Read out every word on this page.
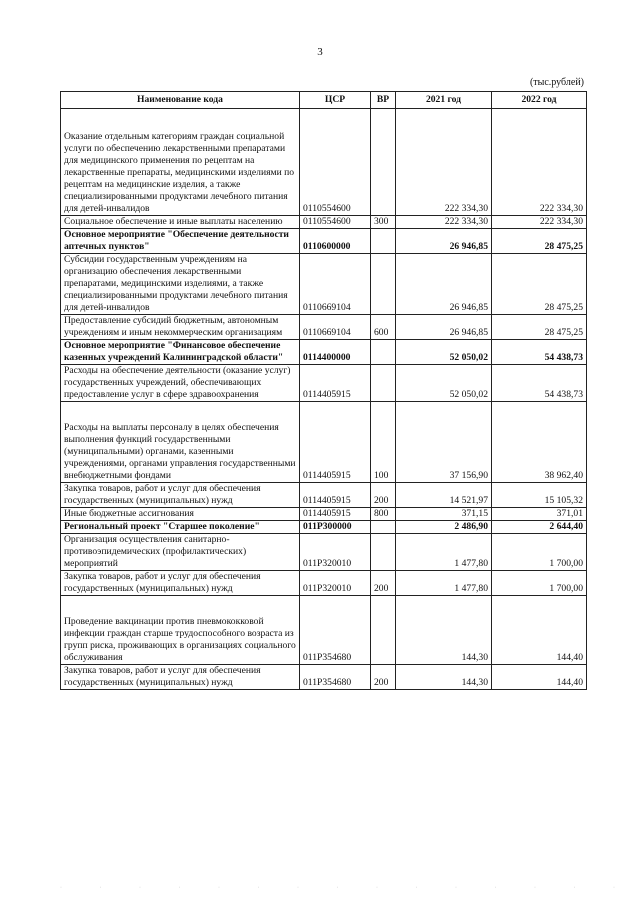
3
(тыс.рублей)
Наименование кода	ЦСР	ВР	2021 год	2022 год
Оказание отдельным категориям граждан социальной услуги по обеспечению лекарственными препаратами для медицинского применения по рецептам на лекарственные препараты, медицинскими изделиями по рецептам на медицинские изделия, а также специализированными продуктами лечебного питания для детей-инвалидов	0110554600		222 334,30	222 334,30
Социальное обеспечение и иные выплаты населению	0110554600	300	222 334,30	222 334,30
Основное мероприятие "Обеспечение деятельности аптечных пунктов"	0110600000		26 946,85	28 475,25
Субсидии государственным учреждениям на организацию обеспечения лекарственными препаратами, медицинскими изделиями, а также специализированными продуктами лечебного питания для детей-инвалидов	0110669104		26 946,85	28 475,25
Предоставление субсидий бюджетным, автономным учреждениям и иным некоммерческим организациям	0110669104	600	26 946,85	28 475,25
Основное мероприятие "Финансовое обеспечение казенных учреждений Калининградской области"	0114400000		52 050,02	54 438,73
Расходы на обеспечение деятельности (оказание услуг) государственных учреждений, обеспечивающих предоставление услуг в сфере здравоохранения	0114405915		52 050,02	54 438,73
Расходы на выплаты персоналу в целях обеспечения выполнения функций государственными (муниципальными) органами, казенными учреждениями, органами управления государственными внебюджетными фондами	0114405915	100	37 156,90	38 962,40
Закупка товаров, работ и услуг для обеспечения государственных (муниципальных) нужд	0114405915	200	14 521,97	15 105,32
Иные бюджетные ассигнования	0114405915	800	371,15	371,01
Региональный проект "Старшее поколение"	011P300000		2 486,90	2 644,40
Организация осуществления санитарно-противоэпидемических (профилактических) мероприятий	011P320010		1 477,80	1 700,00
Закупка товаров, работ и услуг для обеспечения государственных (муниципальных) нужд	011P320010	200	1 477,80	1 700,00
Проведение вакцинации против пневмококковой инфекции граждан старше трудоспособного возраста из групп риска, проживающих в организациях социального обслуживания	011P354680		144,30	144,40
Закупка товаров, работ и услуг для обеспечения государственных (муниципальных) нужд	011P354680	200	144,30	144,40
· · · · · · · · · · · · · · ·
